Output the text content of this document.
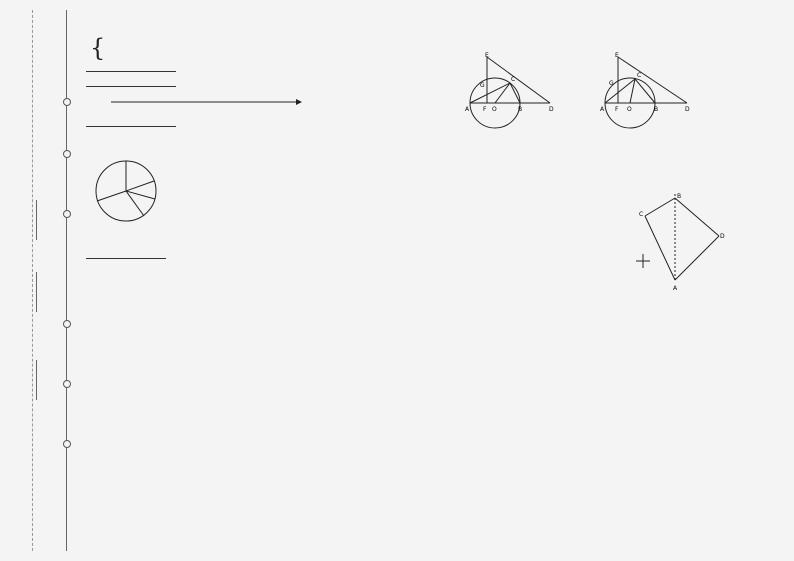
{

	E
C
G
A F O	B	D
E
C
G
A F O	B	D

B
C
D
A
